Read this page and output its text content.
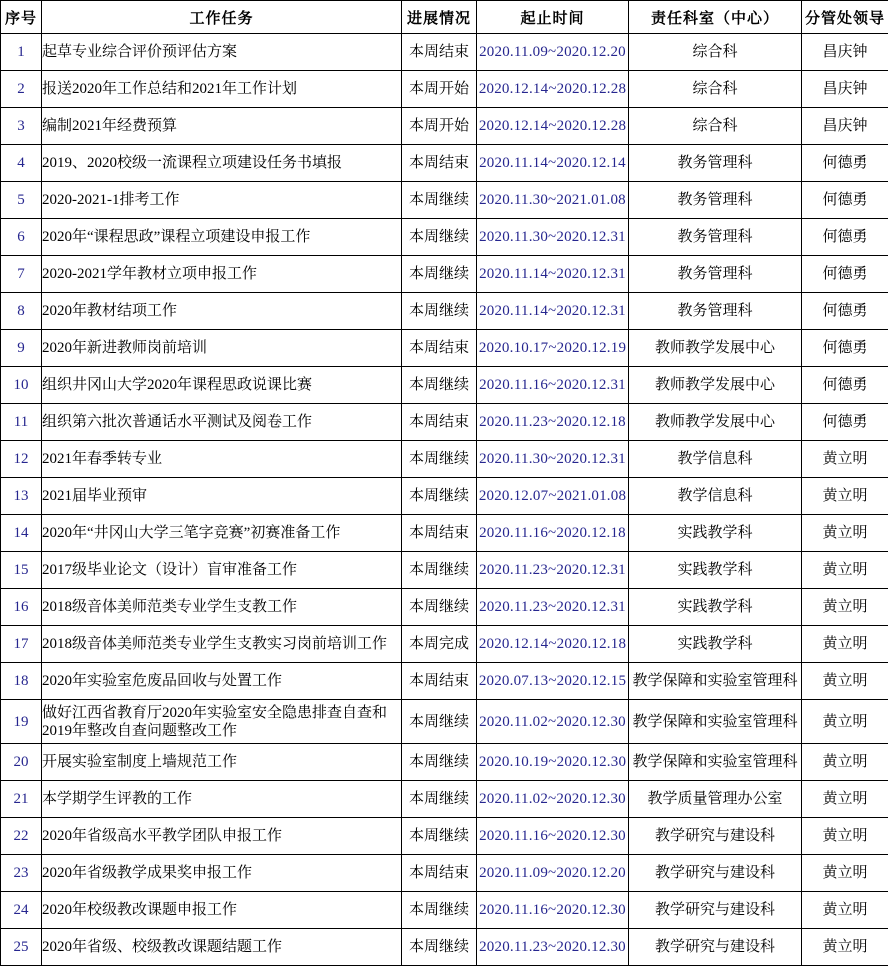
序号	工作任务	进展情况	起止时间	责任科室（中心）	分管处领导
1	起草专业综合评价预评估方案	本周结束	2020.11.09~2020.12.20	综合科	昌庆钟
2	报送2020年工作总结和2021年工作计划	本周开始	2020.12.14~2020.12.28	综合科	昌庆钟
3	编制2021年经费预算	本周开始	2020.12.14~2020.12.28	综合科	昌庆钟
4	2019、2020校级一流课程立项建设任务书填报	本周结束	2020.11.14~2020.12.14	教务管理科	何德勇
5	2020-2021-1排考工作	本周继续	2020.11.30~2021.01.08	教务管理科	何德勇
6	2020年“课程思政”课程立项建设申报工作	本周继续	2020.11.30~2020.12.31	教务管理科	何德勇
7	2020-2021学年教材立项申报工作	本周继续	2020.11.14~2020.12.31	教务管理科	何德勇
8	2020年教材结项工作	本周继续	2020.11.14~2020.12.31	教务管理科	何德勇
9	2020年新进教师岗前培训	本周结束	2020.10.17~2020.12.19	教师教学发展中心	何德勇
10	组织井冈山大学2020年课程思政说课比赛	本周继续	2020.11.16~2020.12.31	教师教学发展中心	何德勇
11	组织第六批次普通话水平测试及阅卷工作	本周结束	2020.11.23~2020.12.18	教师教学发展中心	何德勇
12	2021年春季转专业	本周继续	2020.11.30~2020.12.31	教学信息科	黄立明
13	2021届毕业预审	本周继续	2020.12.07~2021.01.08	教学信息科	黄立明
14	2020年“井冈山大学三笔字竞赛”初赛准备工作	本周结束	2020.11.16~2020.12.18	实践教学科	黄立明
15	2017级毕业论文（设计）盲审准备工作	本周继续	2020.11.23~2020.12.31	实践教学科	黄立明
16	2018级音体美师范类专业学生支教工作	本周继续	2020.11.23~2020.12.31	实践教学科	黄立明
17	2018级音体美师范类专业学生支教实习岗前培训工作	本周完成	2020.12.14~2020.12.18	实践教学科	黄立明
18	2020年实验室危废品回收与处置工作	本周结束	2020.07.13~2020.12.15	教学保障和实验室管理科	黄立明
19	做好江西省教育厅2020年实验室安全隐患排查自查和2019年整改自查问题整改工作	本周继续	2020.11.02~2020.12.30	教学保障和实验室管理科	黄立明
20	开展实验室制度上墙规范工作	本周继续	2020.10.19~2020.12.30	教学保障和实验室管理科	黄立明
21	本学期学生评教的工作	本周继续	2020.11.02~2020.12.30	教学质量管理办公室	黄立明
22	2020年省级高水平教学团队申报工作	本周继续	2020.11.16~2020.12.30	教学研究与建设科	黄立明
23	2020年省级教学成果奖申报工作	本周结束	2020.11.09~2020.12.20	教学研究与建设科	黄立明
24	2020年校级教改课题申报工作	本周继续	2020.11.16~2020.12.30	教学研究与建设科	黄立明
25	2020年省级、校级教改课题结题工作	本周继续	2020.11.23~2020.12.30	教学研究与建设科	黄立明
